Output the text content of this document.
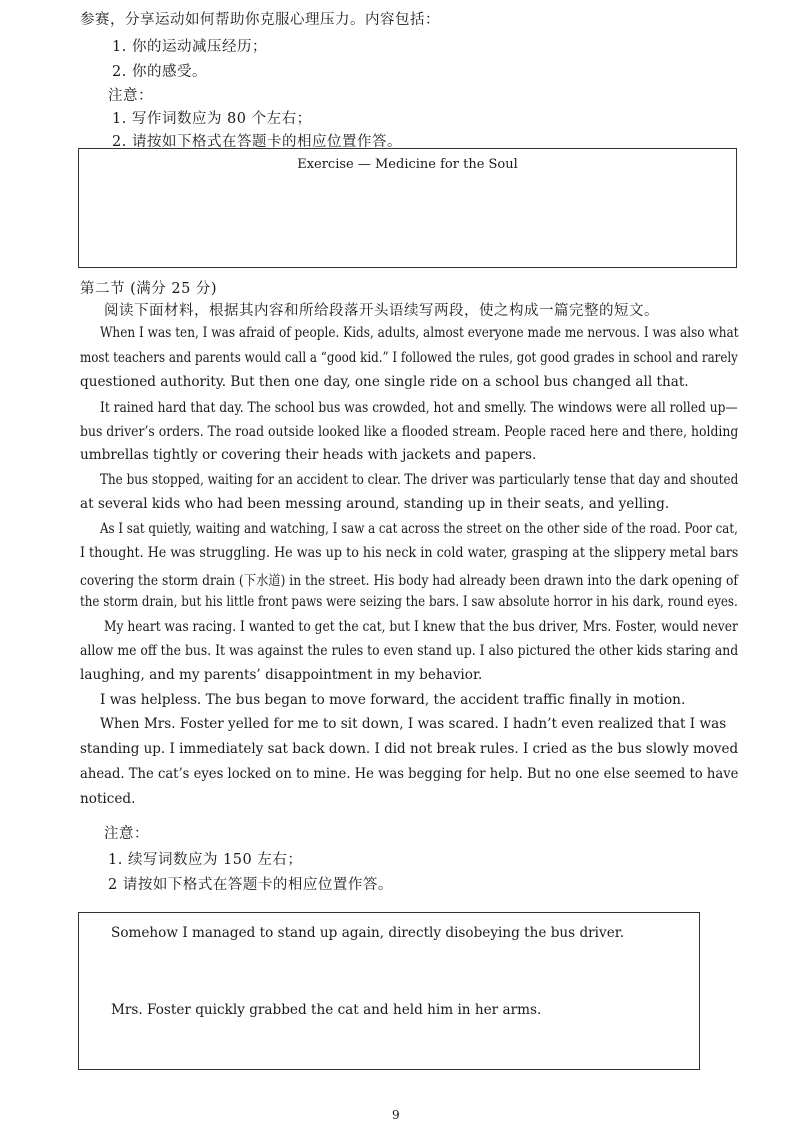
参赛，分享运动如何帮助你克服心理压力。内容包括：
1. 你的运动减压经历；
2. 你的感受。
注意：
1. 写作词数应为 80 个左右；
2. 请按如下格式在答题卡的相应位置作答。
Exercise — Medicine for the Soul
第二节 (满分 25 分)
阅读下面材料，根据其内容和所给段落开头语续写两段，使之构成一篇完整的短文。
When I was ten, I was afraid of people. Kids, adults, almost everyone made me nervous. I was also what
most teachers and parents would call a “good kid.” I followed the rules, got good grades in school and rarely
questioned authority. But then one day, one single ride on a school bus changed all that.
It rained hard that day. The school bus was crowded, hot and smelly. The windows were all rolled up—
bus driver’s orders. The road outside looked like a flooded stream. People raced here and there, holding
umbrellas tightly or covering their heads with jackets and papers.
The bus stopped, waiting for an accident to clear. The driver was particularly tense that day and shouted
at several kids who had been messing around, standing up in their seats, and yelling.
As I sat quietly, waiting and watching, I saw a cat across the street on the other side of the road. Poor cat,
I thought. He was struggling. He was up to his neck in cold water, grasping at the slippery metal bars
covering the storm drain (下水道) in the street. His body had already been drawn into the dark opening of
the storm drain, but his little front paws were seizing the bars. I saw absolute horror in his dark, round eyes.
My heart was racing. I wanted to get the cat, but I knew that the bus driver, Mrs. Foster, would never
allow me off the bus. It was against the rules to even stand up. I also pictured the other kids staring and
laughing, and my parents’ disappointment in my behavior.
I was helpless. The bus began to move forward, the accident traffic finally in motion.
When Mrs. Foster yelled for me to sit down, I was scared. I hadn’t even realized that I was
standing up. I immediately sat back down. I did not break rules. I cried as the bus slowly moved
ahead. The cat’s eyes locked on to mine. He was begging for help. But no one else seemed to have
noticed.
注意：
1. 续写词数应为 150 左右；
2 请按如下格式在答题卡的相应位置作答。
Somehow I managed to stand up again, directly disobeying the bus driver.
Mrs. Foster quickly grabbed the cat and held him in her arms.
9
